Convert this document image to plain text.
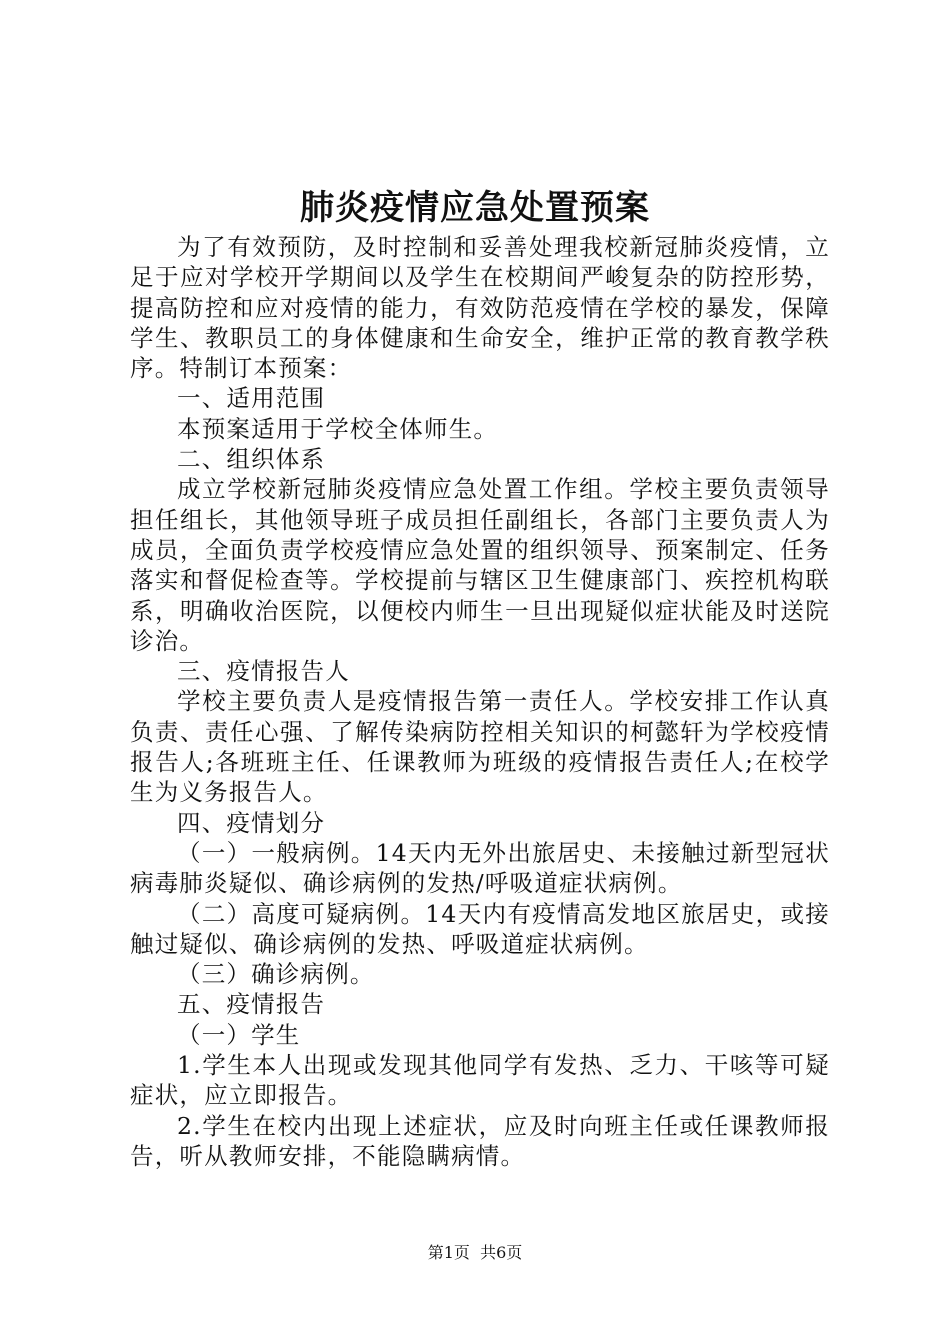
肺炎疫情应急处置预案

为了有效预防，及时控制和妥善处理我校新冠肺炎疫情，立足于应对学校开学期间以及学生在校期间严峻复杂的防控形势，提高防控和应对疫情的能力，有效防范疫情在学校的暴发，保障学生、教职员工的身体健康和生命安全，维护正常的教育教学秩序。特制订本预案：

一、适用范围

本预案适用于学校全体师生。

二、组织体系

成立学校新冠肺炎疫情应急处置工作组。学校主要负责领导担任组长，其他领导班子成员担任副组长，各部门主要负责人为成员，全面负责学校疫情应急处置的组织领导、预案制定、任务落实和督促检查等。学校提前与辖区卫生健康部门、疾控机构联系，明确收治医院，以便校内师生一旦出现疑似症状能及时送院诊治。

三、疫情报告人

学校主要负责人是疫情报告第一责任人。学校安排工作认真负责、责任心强、了解传染病防控相关知识的柯懿轩为学校疫情报告人;各班班主任、任课教师为班级的疫情报告责任人;在校学生为义务报告人。

四、疫情划分

（一）一般病例。14天内无外出旅居史、未接触过新型冠状病毒肺炎疑似、确诊病例的发热/呼吸道症状病例。

（二）高度可疑病例。14天内有疫情高发地区旅居史，或接触过疑似、确诊病例的发热、呼吸道症状病例。

（三）确诊病例。

五、疫情报告

（一）学生

1.学生本人出现或发现其他同学有发热、乏力、干咳等可疑症状，应立即报告。

2.学生在校内出现上述症状，应及时向班主任或任课教师报告，听从教师安排，不能隐瞒病情。

第1页 共6页
